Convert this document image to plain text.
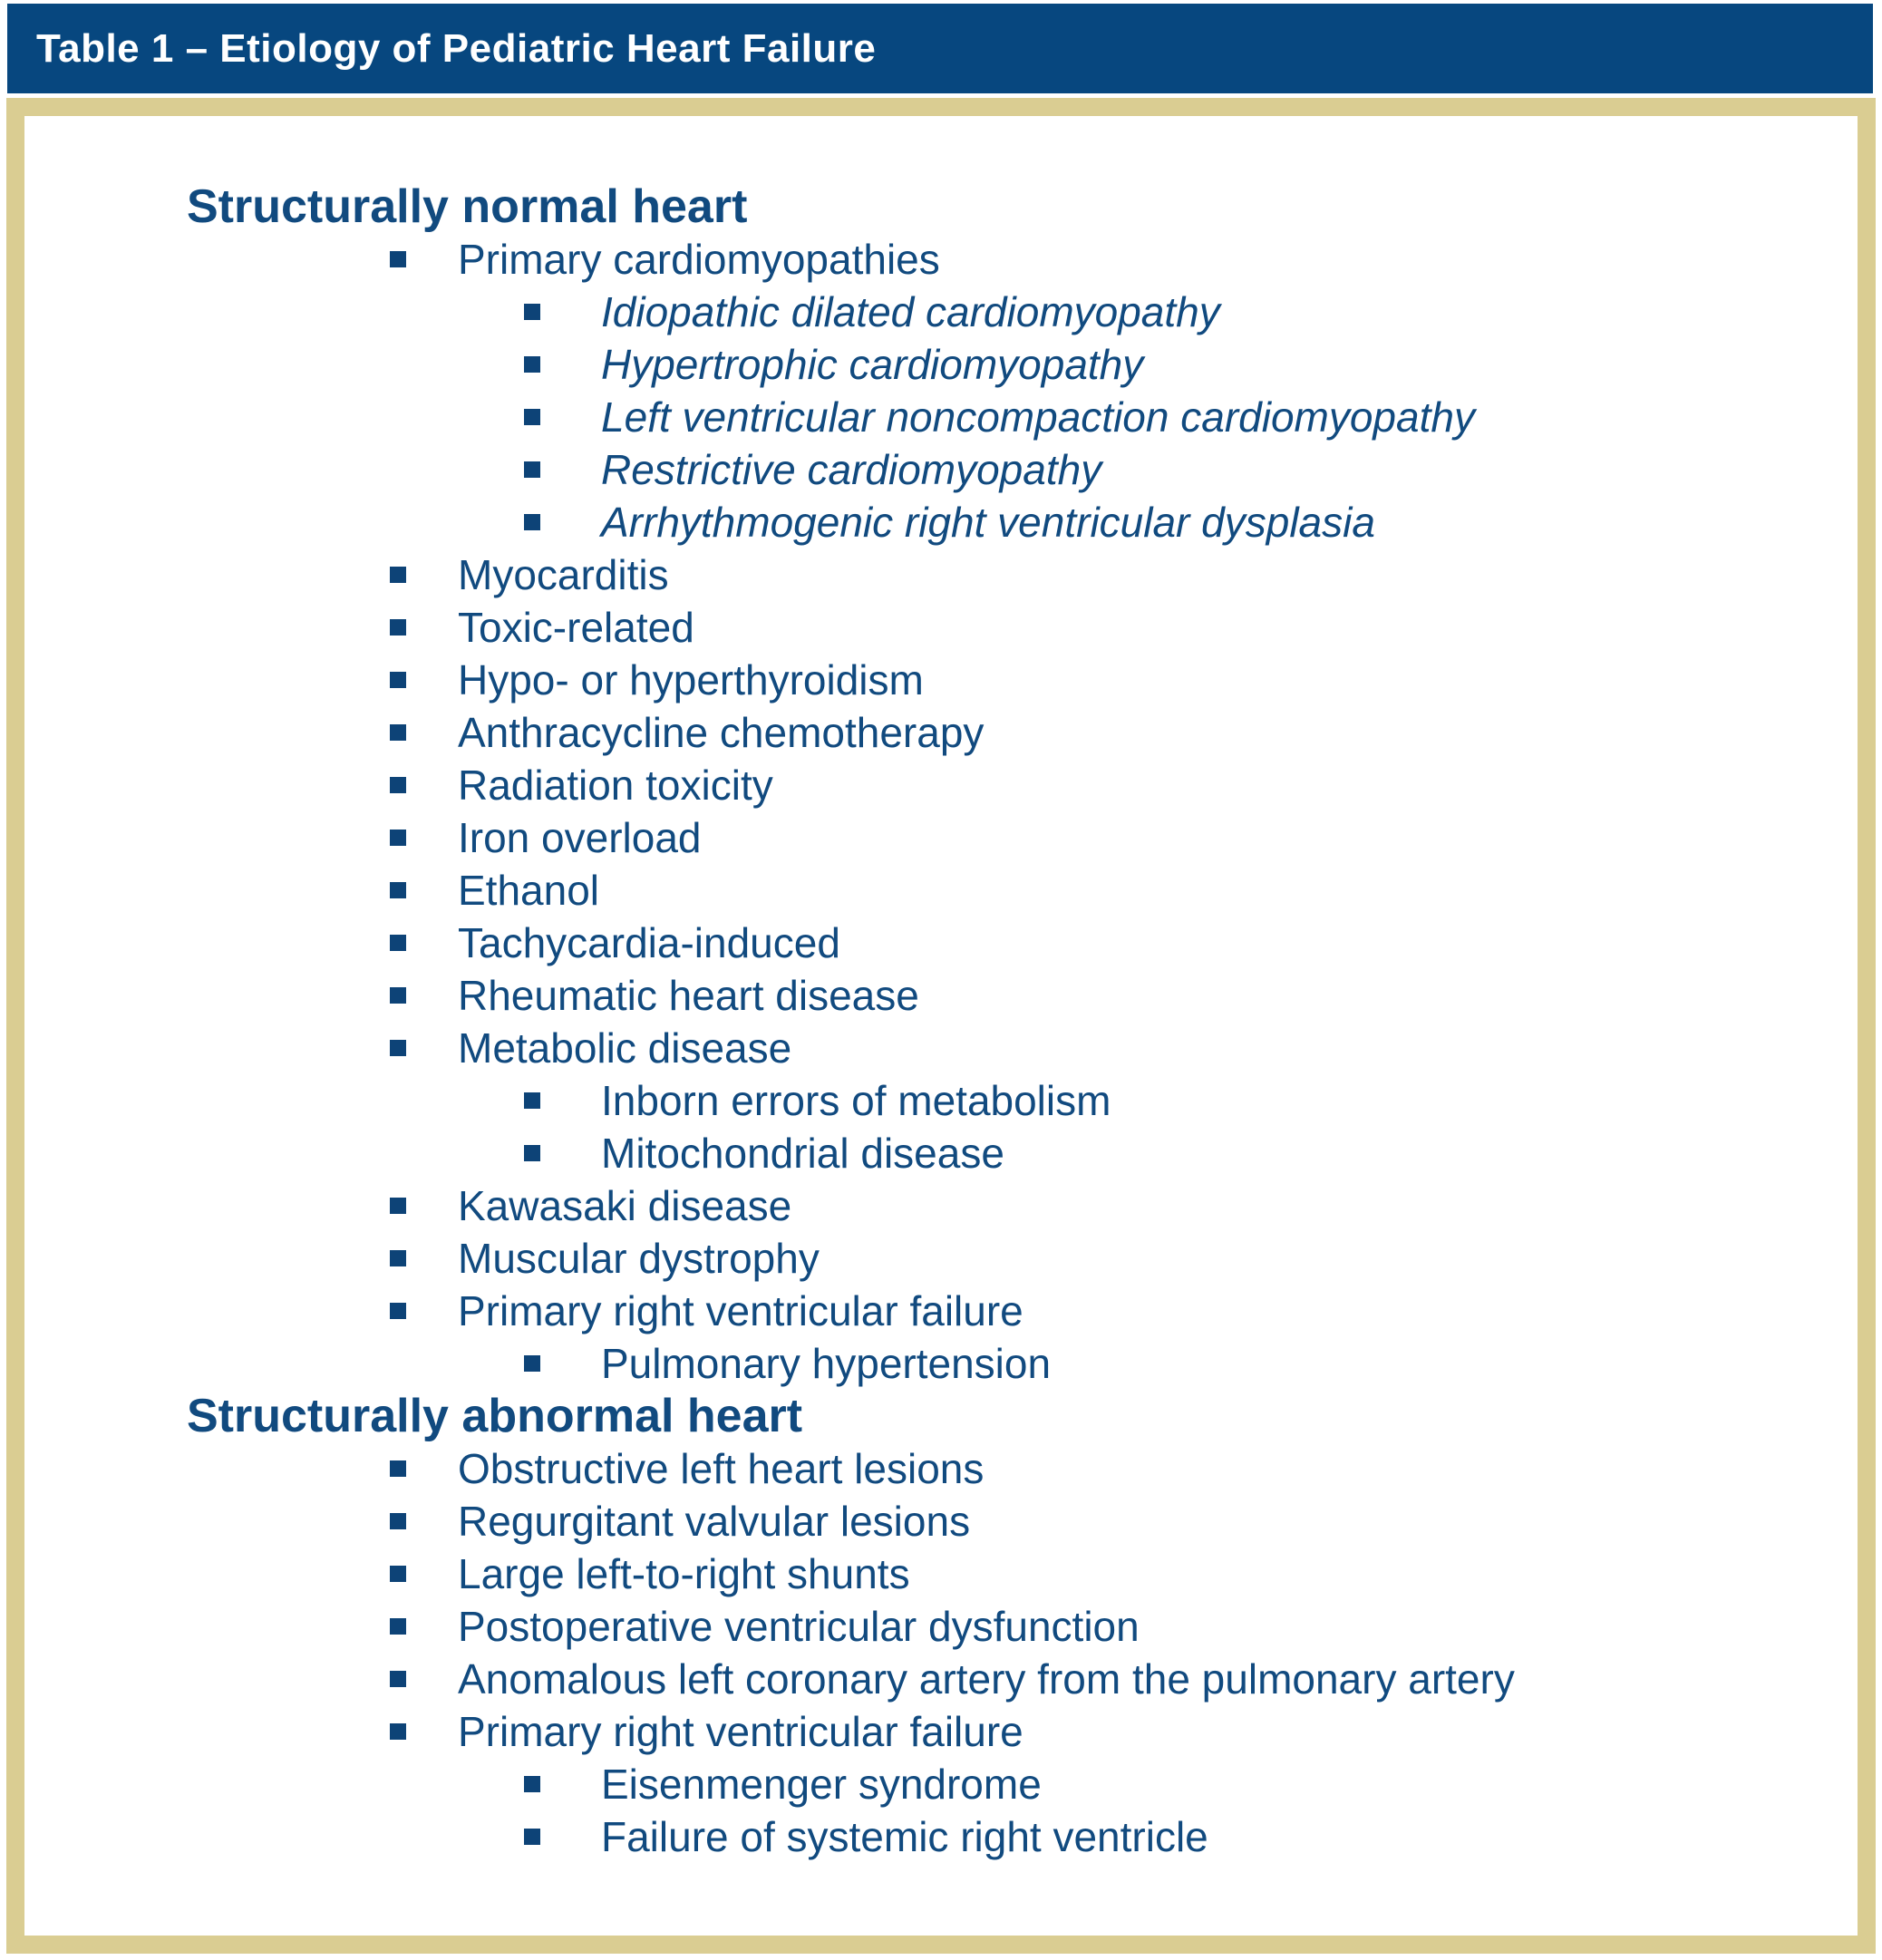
Table 1 – Etiology of Pediatric Heart Failure
Structurally normal heart
Primary cardiomyopathies
Idiopathic dilated cardiomyopathy
Hypertrophic cardiomyopathy
Left ventricular noncompaction cardiomyopathy
Restrictive cardiomyopathy
Arrhythmogenic right ventricular dysplasia
Myocarditis
Toxic-related
Hypo- or hyperthyroidism
Anthracycline chemotherapy
Radiation toxicity
Iron overload
Ethanol
Tachycardia-induced
Rheumatic heart disease
Metabolic disease
Inborn errors of metabolism
Mitochondrial disease
Kawasaki disease
Muscular dystrophy
Primary right ventricular failure
Pulmonary hypertension
Structurally abnormal heart
Obstructive left heart lesions
Regurgitant valvular lesions
Large left-to-right shunts
Postoperative ventricular dysfunction
Anomalous left coronary artery from the pulmonary artery
Primary right ventricular failure
Eisenmenger syndrome
Failure of systemic right ventricle
